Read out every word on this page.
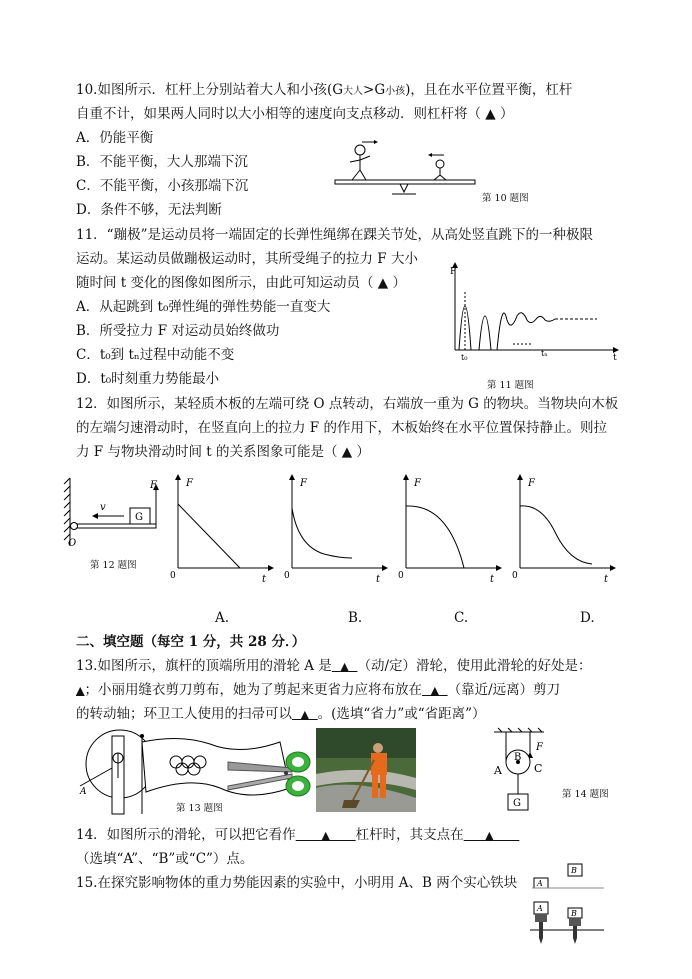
10.如图所示．杠杆上分别站着大人和小孩(G大人>G小孩)，且在水平位置平衡，杠杆
自重不计，如果两人同时以大小相等的速度向支点移动．则杠杆将（ ▲ ）
A．仍能平衡
B．不能平衡，大人那端下沉
C．不能平衡，小孩那端下沉
D．条件不够，无法判断
第 10 题图
11．“蹦极”是运动员将一端固定的长弹性绳绑在踝关节处，从高处竖直跳下的一种极限
运动。某运动员做蹦极运动时，其所受绳子的拉力 F 大小
随时间 t 变化的图像如图所示，由此可知运动员（ ▲ ）
A．从起跳到 t₀弹性绳的弹性势能一直变大
B．所受拉力 F 对运动员始终做功
C．t₀到 tₙ过程中动能不变
D．t₀时刻重力势能最小
F
t
t₀	tₙ
第 11 题图
12．如图所示，某轻质木板的左端可绕 O 点转动，右端放一重为 G 的物块。当物块向木板
的左端匀速滑动时，在竖直向上的拉力 F 的作用下，木板始终在水平位置保持静止。则拉
力 F 与物块滑动时间 t 的关系图象可能是（ ▲ ）
v
G
F
O
第 12 题图
F
t
0
F
t
0
F
t
0
F
t
0
A.	B.	C.	D.
二、填空题（每空 1 分，共 28 分．）
13.如图所示，旗杆的顶端所用的滑轮 A 是 ▲ （动/定）滑轮，使用此滑轮的好处是：
▲；小丽用缝衣剪刀剪布，她为了剪起来更省力应将布放在 ▲ （靠近/远离）剪刀
的转动轴；环卫工人使用的扫帚可以 ▲ 。(选填“省力”或“省距离”）
A
第 13 题图
A
B
C
F
G
第 14 题图
14．如图所示的滑轮，可以把它看作 ▲ 杠杆时，其支点在 ▲
（选填“A”、“B”或“C”）点。
15.在探究影响物体的重力势能因素的实验中，小明用 A、B 两个实心铁块
B
A
A
B
